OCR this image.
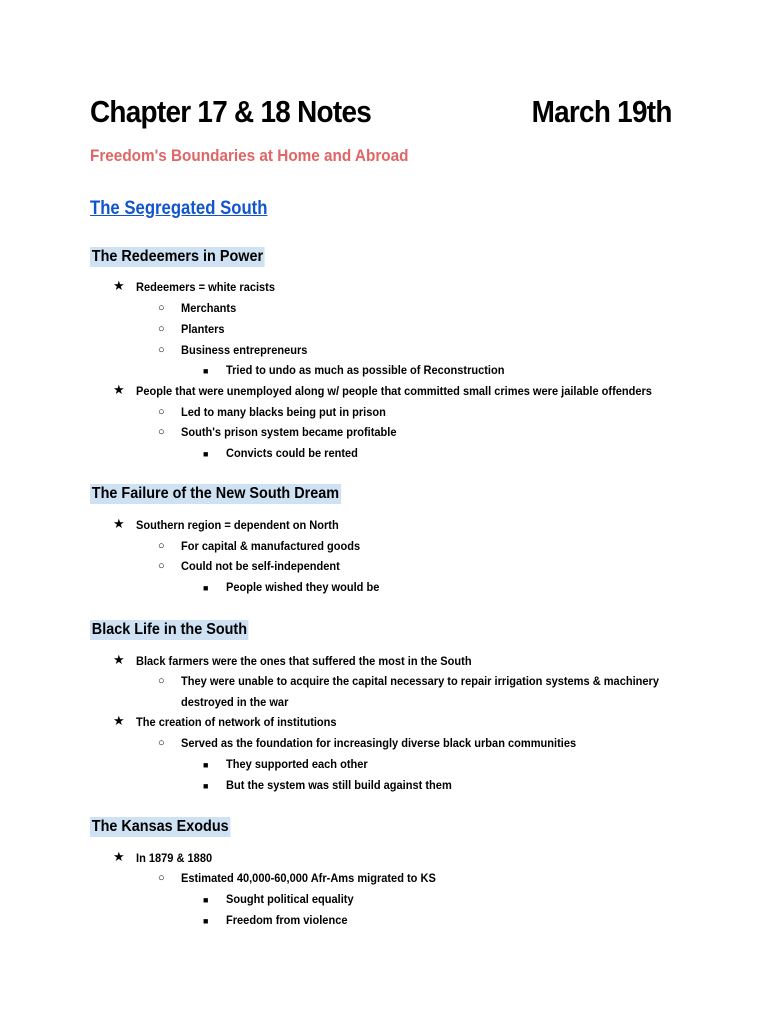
Chapter 17 & 18 Notes	March 19th
Freedom's Boundaries at Home and Abroad
The Segregated South
The Redeemers in Power
★ Redeemers = white racists
○ Merchants
○ Planters
○ Business entrepreneurs
■ Tried to undo as much as possible of Reconstruction
★ People that were unemployed along w/ people that committed small crimes were jailable offenders
○ Led to many blacks being put in prison
○ South's prison system became profitable
■ Convicts could be rented
The Failure of the New South Dream
★ Southern region = dependent on North
○ For capital & manufactured goods
○ Could not be self-independent
■ People wished they would be
Black Life in the South
★ Black farmers were the ones that suffered the most in the South
○ They were unable to acquire the capital necessary to repair irrigation systems & machinery
destroyed in the war
★ The creation of network of institutions
○ Served as the foundation for increasingly diverse black urban communities
■ They supported each other
■ But the system was still build against them
The Kansas Exodus
★ In 1879 & 1880
○ Estimated 40,000-60,000 Afr-Ams migrated to KS
■ Sought political equality
■ Freedom from violence
